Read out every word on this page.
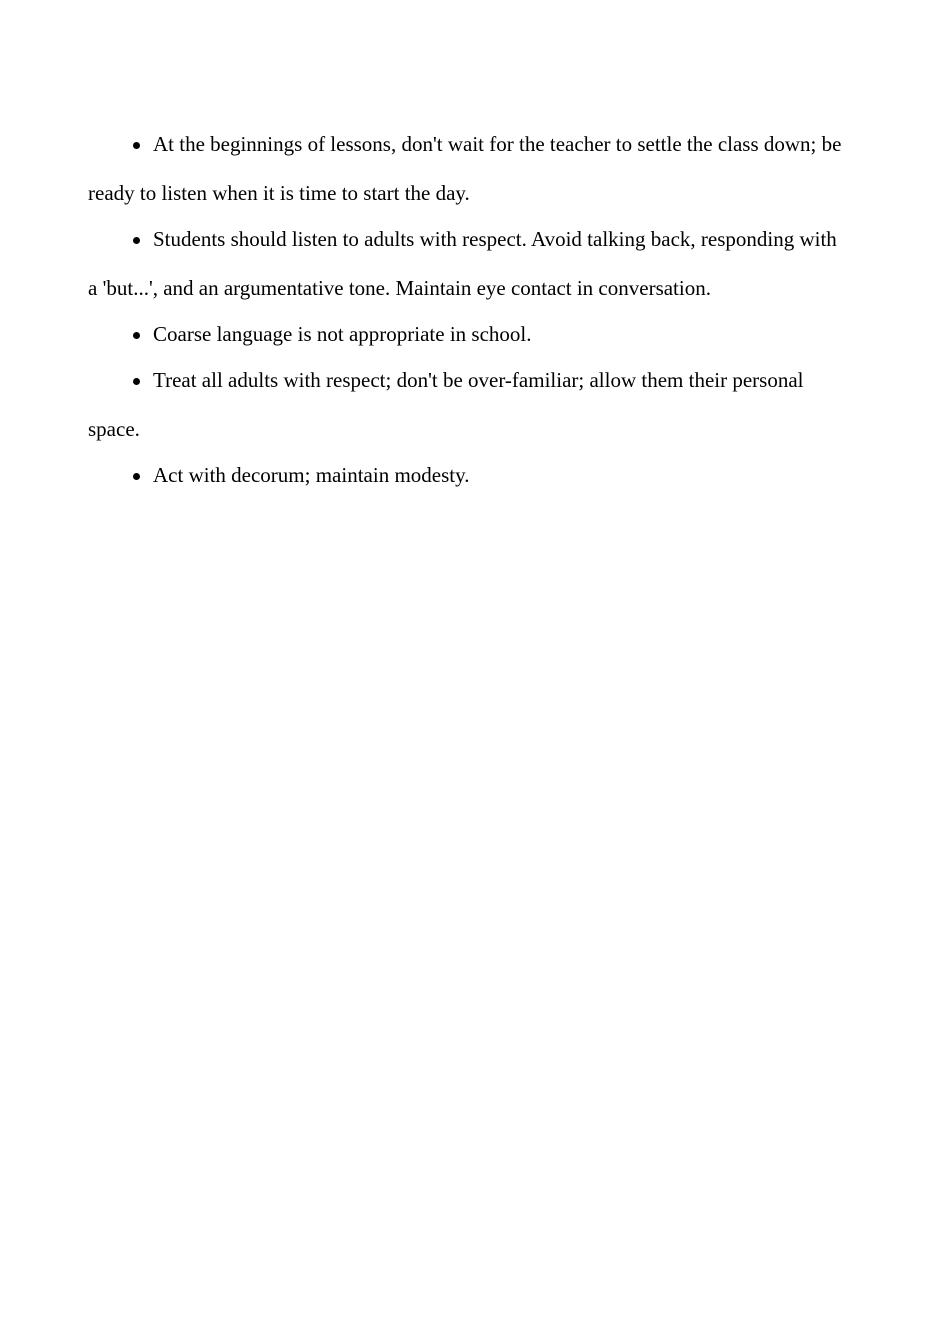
At the beginnings of lessons, don't wait for the teacher to settle the class down; be ready to listen when it is time to start the day.
Students should listen to adults with respect. Avoid talking back, responding with a 'but...', and an argumentative tone. Maintain eye contact in conversation.
Coarse language is not appropriate in school.
Treat all adults with respect; don't be over-familiar; allow them their personal space.
Act with decorum; maintain modesty.
